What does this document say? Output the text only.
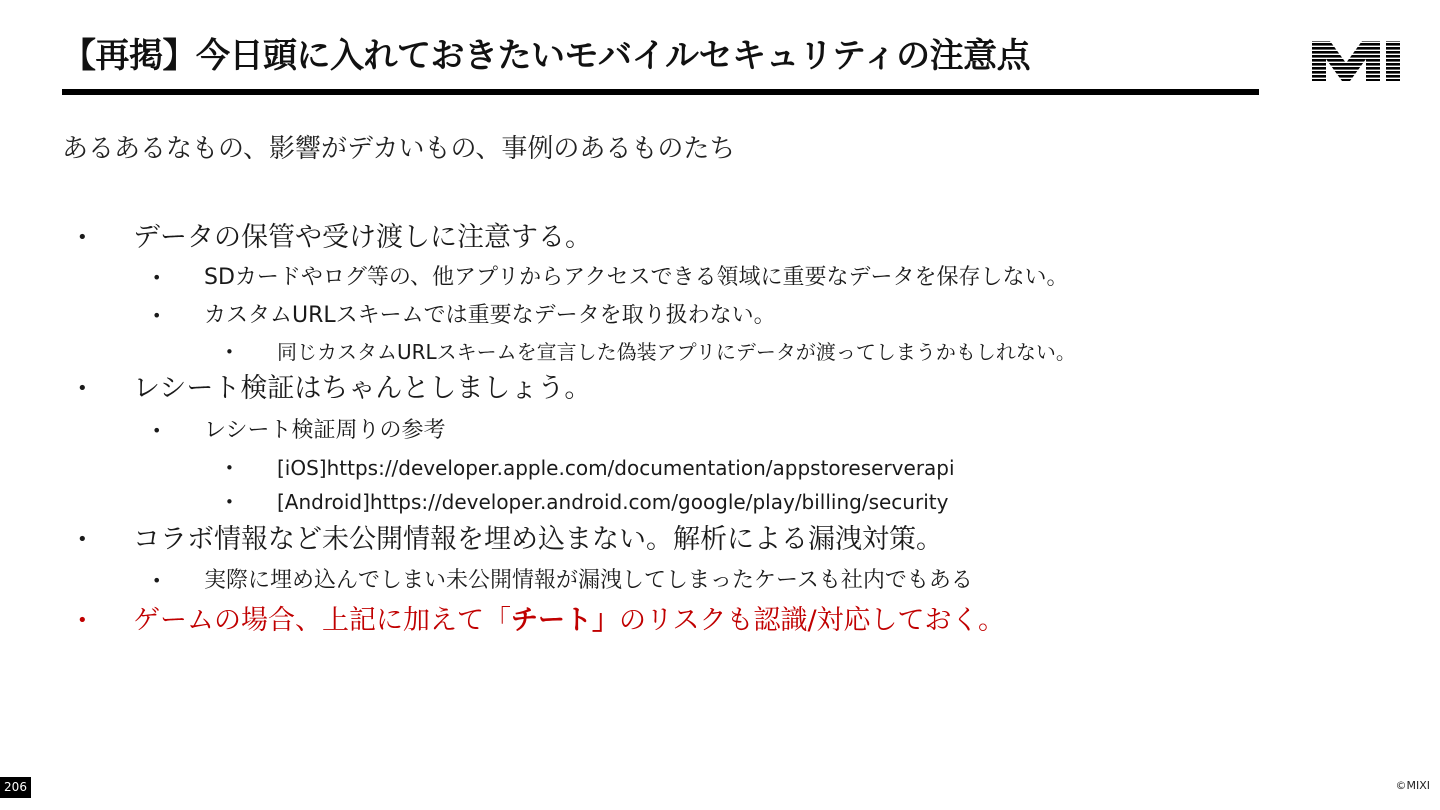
【再掲】今日頭に入れておきたいモバイルセキュリティの注意点

あるあるなもの、影響がデカいもの、事例のあるものたち

• データの保管や受け渡しに注意する。
• SDカードやログ等の、他アプリからアクセスできる領域に重要なデータを保存しない。
• カスタムURLスキームでは重要なデータを取り扱わない。
• 同じカスタムURLスキームを宣言した偽装アプリにデータが渡ってしまうかもしれない。
• レシート検証はちゃんとしましょう。
• レシート検証周りの参考
• [iOS]https://developer.apple.com/documentation/appstoreserverapi
• [Android]https://developer.android.com/google/play/billing/security
• コラボ情報など未公開情報を埋め込まない。解析による漏洩対策。
• 実際に埋め込んでしまい未公開情報が漏洩してしまったケースも社内でもある
• ゲームの場合、上記に加えて「チート」のリスクも認識/対応しておく。
206	©MIXI
